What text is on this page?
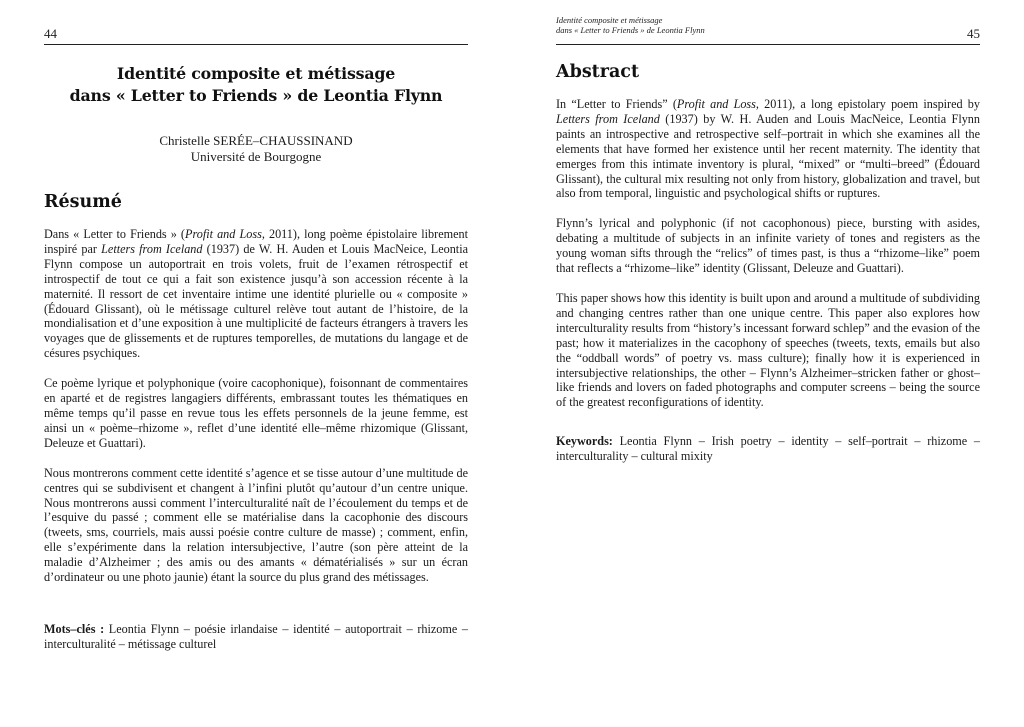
44
Identité composite et métissage
dans « Letter to Friends » de Leontia Flynn
Christelle SERÉE–CHAUSSINAND
Université de Bourgogne
Résumé

Dans « Letter to Friends » (Profit and Loss, 2011), long poème épistolaire librement inspiré par Letters from Iceland (1937) de W. H. Auden et Louis MacNeice, Leontia Flynn compose un autoportrait en trois volets, fruit de l’examen rétrospectif et introspectif de tout ce qui a fait son existence jusqu’à son accession récente à la maternité. Il ressort de cet inventaire intime une identité plurielle ou « composite » (Édouard Glissant), où le métissage culturel relève tout autant de l’histoire, de la mondialisation et d’une exposition à une multiplicité de facteurs étrangers à travers les voyages que de glissements et de ruptures temporelles, de mutations du langage et de césures psychiques.

Ce poème lyrique et polyphonique (voire cacophonique), foisonnant de commentaires en aparté et de registres langagiers différents, embrassant toutes les thématiques en même temps qu’il passe en revue tous les effets personnels de la jeune femme, est ainsi un « poème–rhizome », reflet d’une identité elle–même rhizomique (Glissant, Deleuze et Guattari).

Nous montrerons comment cette identité s’agence et se tisse autour d’une multitude de centres qui se subdivisent et changent à l’infini plutôt qu’autour d’un centre unique. Nous montrerons aussi comment l’interculturalité naît de l’écoulement du temps et de l’esquive du passé ; comment elle se matérialise dans la cacophonie des discours (tweets, sms, courriels, mais aussi poésie contre culture de masse) ; comment, enfin, elle s’expérimente dans la relation intersubjective, l’autre (son père atteint de la maladie d’Alzheimer ; des amis ou des amants « dématérialisés » sur un écran d’ordinateur ou une photo jaunie) étant la source du plus grand des métissages.

Mots–clés : Leontia Flynn – poésie irlandaise – identité – autoportrait – rhizome – interculturalité – métissage culturel
Identité composite et métissage
dans « Letter to Friends » de Leontia Flynn	45
Abstract

In “Letter to Friends” (Profit and Loss, 2011), a long epistolary poem inspired by Letters from Iceland (1937) by W. H. Auden and Louis MacNeice, Leontia Flynn paints an introspective and retrospective self–portrait in which she examines all the elements that have formed her existence until her recent maternity. The identity that emerges from this intimate inventory is plural, “mixed” or “multi–breed” (Édouard Glissant), the cultural mix resulting not only from history, globalization and travel, but also from temporal, linguistic and psychological shifts or ruptures.

Flynn’s lyrical and polyphonic (if not cacophonous) piece, bursting with asides, debating a multitude of subjects in an infinite variety of tones and registers as the young woman sifts through the “relics” of times past, is thus a “rhizome–like” poem that reflects a “rhizome–like” identity (Glissant, Deleuze and Guattari).

This paper shows how this identity is built upon and around a multitude of subdividing and changing centres rather than one unique centre. This paper also explores how interculturality results from “history’s incessant forward schlep” and the evasion of the past; how it materializes in the cacophony of speeches (tweets, texts, emails but also the “oddball words” of poetry vs. mass culture); finally how it is experienced in intersubjective relationships, the other – Flynn’s Alzheimer–stricken father or ghost–like friends and lovers on faded photographs and computer screens – being the source of the greatest reconfigurations of identity.

Keywords: Leontia Flynn – Irish poetry – identity – self–portrait – rhizome – interculturality – cultural mixity
